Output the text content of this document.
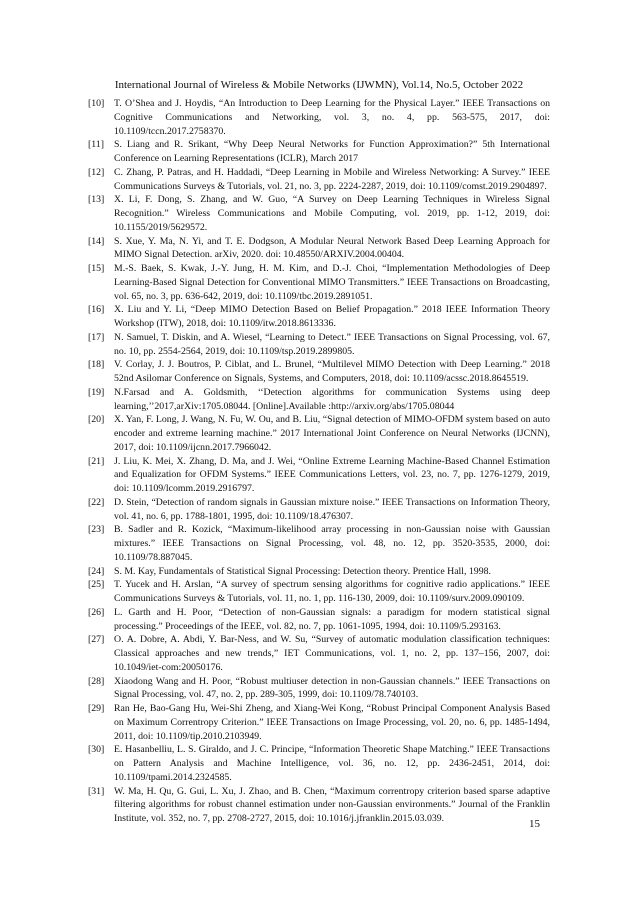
International Journal of Wireless & Mobile Networks (IJWMN), Vol.14, No.5, October 2022
[10] T. O’Shea and J. Hoydis, “An Introduction to Deep Learning for the Physical Layer.” IEEE Transactions on Cognitive Communications and Networking, vol. 3, no. 4, pp. 563-575, 2017, doi: 10.1109/tccn.2017.2758370.
[11] S. Liang and R. Srikant, “Why Deep Neural Networks for Function Approximation?” 5th International Conference on Learning Representations (ICLR), March 2017
[12] C. Zhang, P. Patras, and H. Haddadi, “Deep Learning in Mobile and Wireless Networking: A Survey.” IEEE Communications Surveys & Tutorials, vol. 21, no. 3, pp. 2224-2287, 2019, doi: 10.1109/comst.2019.2904897.
[13] X. Li, F. Dong, S. Zhang, and W. Guo, “A Survey on Deep Learning Techniques in Wireless Signal Recognition.” Wireless Communications and Mobile Computing, vol. 2019, pp. 1-12, 2019, doi: 10.1155/2019/5629572.
[14] S. Xue, Y. Ma, N. Yi, and T. E. Dodgson, A Modular Neural Network Based Deep Learning Approach for MIMO Signal Detection. arXiv, 2020. doi: 10.48550/ARXIV.2004.00404.
[15] M.-S. Baek, S. Kwak, J.-Y. Jung, H. M. Kim, and D.-J. Choi, “Implementation Methodologies of Deep Learning-Based Signal Detection for Conventional MIMO Transmitters.” IEEE Transactions on Broadcasting, vol. 65, no. 3, pp. 636-642, 2019, doi: 10.1109/tbc.2019.2891051.
[16] X. Liu and Y. Li, “Deep MIMO Detection Based on Belief Propagation.” 2018 IEEE Information Theory Workshop (ITW), 2018, doi: 10.1109/itw.2018.8613336.
[17] N. Samuel, T. Diskin, and A. Wiesel, “Learning to Detect.” IEEE Transactions on Signal Processing, vol. 67, no. 10, pp. 2554-2564, 2019, doi: 10.1109/tsp.2019.2899805.
[18] V. Corlay, J. J. Boutros, P. Ciblat, and L. Brunel, “Multilevel MIMO Detection with Deep Learning.” 2018 52nd Asilomar Conference on Signals, Systems, and Computers, 2018, doi: 10.1109/acssc.2018.8645519.
[19] N.Farsad and A. Goldsmith, ‘‘Detection algorithms for communication Systems using deep learning,’’2017,arXiv:1705.08044. [Online].Available :http://arxiv.org/abs/1705.08044
[20] X. Yan, F. Long, J. Wang, N. Fu, W. Ou, and B. Liu, “Signal detection of MIMO-OFDM system based on auto encoder and extreme learning machine.” 2017 International Joint Conference on Neural Networks (IJCNN), 2017, doi: 10.1109/ijcnn.2017.7966042.
[21] J. Liu, K. Mei, X. Zhang, D. Ma, and J. Wei, “Online Extreme Learning Machine-Based Channel Estimation and Equalization for OFDM Systems.” IEEE Communications Letters, vol. 23, no. 7, pp. 1276-1279, 2019, doi: 10.1109/lcomm.2019.2916797.
[22] D. Stein, “Detection of random signals in Gaussian mixture noise.” IEEE Transactions on Information Theory, vol. 41, no. 6, pp. 1788-1801, 1995, doi: 10.1109/18.476307.
[23] B. Sadler and R. Kozick, “Maximum-likelihood array processing in non-Gaussian noise with Gaussian mixtures.” IEEE Transactions on Signal Processing, vol. 48, no. 12, pp. 3520-3535, 2000, doi: 10.1109/78.887045.
[24] S. M. Kay, Fundamentals of Statistical Signal Processing: Detection theory. Prentice Hall, 1998.
[25] T. Yucek and H. Arslan, “A survey of spectrum sensing algorithms for cognitive radio applications.” IEEE Communications Surveys & Tutorials, vol. 11, no. 1, pp. 116-130, 2009, doi: 10.1109/surv.2009.090109.
[26] L. Garth and H. Poor, “Detection of non-Gaussian signals: a paradigm for modern statistical signal processing.” Proceedings of the IEEE, vol. 82, no. 7, pp. 1061-1095, 1994, doi: 10.1109/5.293163.
[27] O. A. Dobre, A. Abdi, Y. Bar-Ness, and W. Su, “Survey of automatic modulation classification techniques: Classical approaches and new trends,” IET Communications, vol. 1, no. 2, pp. 137–156, 2007, doi: 10.1049/iet-com:20050176.
[28] Xiaodong Wang and H. Poor, “Robust multiuser detection in non-Gaussian channels.” IEEE Transactions on Signal Processing, vol. 47, no. 2, pp. 289-305, 1999, doi: 10.1109/78.740103.
[29] Ran He, Bao-Gang Hu, Wei-Shi Zheng, and Xiang-Wei Kong, “Robust Principal Component Analysis Based on Maximum Correntropy Criterion.” IEEE Transactions on Image Processing, vol. 20, no. 6, pp. 1485-1494, 2011, doi: 10.1109/tip.2010.2103949.
[30] E. Hasanbelliu, L. S. Giraldo, and J. C. Principe, “Information Theoretic Shape Matching.” IEEE Transactions on Pattern Analysis and Machine Intelligence, vol. 36, no. 12, pp. 2436-2451, 2014, doi: 10.1109/tpami.2014.2324585.
[31] W. Ma, H. Qu, G. Gui, L. Xu, J. Zhao, and B. Chen, “Maximum correntropy criterion based sparse adaptive filtering algorithms for robust channel estimation under non-Gaussian environments.” Journal of the Franklin Institute, vol. 352, no. 7, pp. 2708-2727, 2015, doi: 10.1016/j.jfranklin.2015.03.039.	15
